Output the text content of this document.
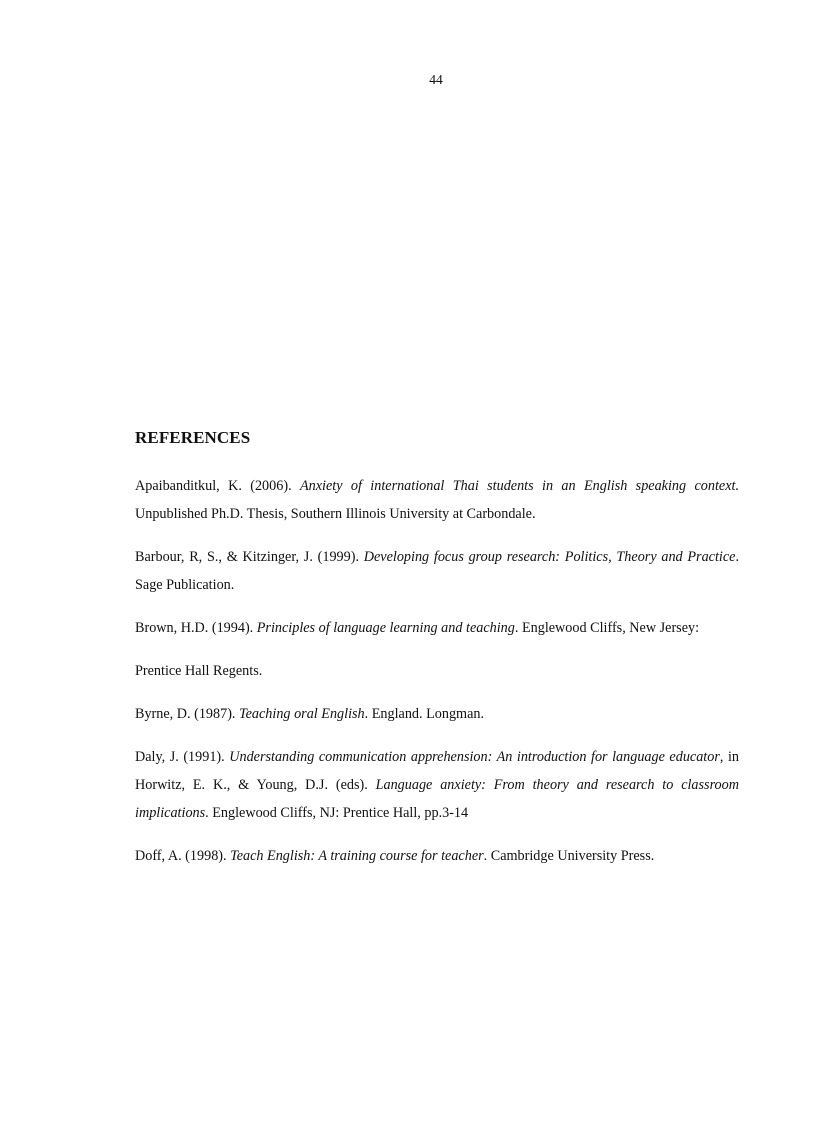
44
REFERENCES

Apaibanditkul, K. (2006). Anxiety of international Thai students in an English speaking context. Unpublished Ph.D. Thesis, Southern Illinois University at Carbondale.

Barbour, R, S., & Kitzinger, J. (1999). Developing focus group research: Politics, Theory and Practice. Sage Publication.

Brown, H.D. (1994). Principles of language learning and teaching. Englewood Cliffs, New Jersey:

Prentice Hall Regents.

Byrne, D. (1987). Teaching oral English. England. Longman.

Daly, J. (1991). Understanding communication apprehension: An introduction for language educator, in Horwitz, E. K., & Young, D.J. (eds). Language anxiety: From theory and research to classroom implications. Englewood Cliffs, NJ: Prentice Hall, pp.3-14

Doff, A. (1998). Teach English: A training course for teacher. Cambridge University Press.
